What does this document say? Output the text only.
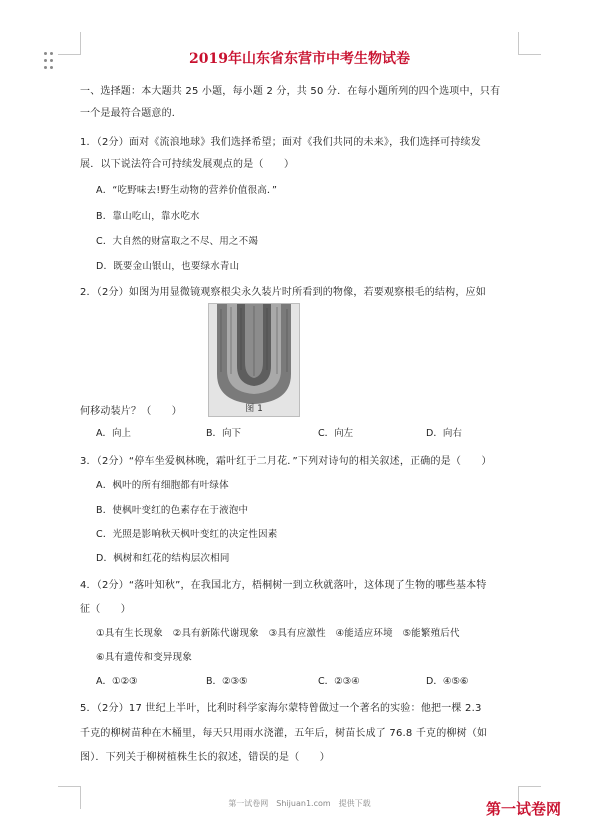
2019年山东省东营市中考生物试卷
一、选择题：本大题共 25 小题，每小题 2 分，共 50 分．在每小题所列的四个选项中，只有
一个是最符合题意的．
1．（2分）面对《流浪地球》我们选择希望；面对《我们共同的未来》，我们选择可持续发
展．以下说法符合可持续发展观点的是（　　）
A．“吃野味去!野生动物的营养价值很高．”
B．靠山吃山，靠水吃水
C．大自然的财富取之不尽、用之不竭
D．既要金山银山，也要绿水青山
2．（2分）如图为用显微镜观察根尖永久装片时所看到的物像，若要观察根毛的结构，应如
图 1
何移动装片？（　　）
A．向上	B．向下	C．向左	D．向右
3．（2分）“停车坐爱枫林晚，霜叶红于二月花．”下列对诗句的相关叙述，正确的是（　　）
A．枫叶的所有细胞都有叶绿体
B．使枫叶变红的色素存在于液泡中
C．光照是影响秋天枫叶变红的决定性因素
D．枫树和红花的结构层次相同
4．（2分）“落叶知秋”，在我国北方，梧桐树一到立秋就落叶，这体现了生物的哪些基本特
征（　　）
①具有生长现象　②具有新陈代谢现象　③具有应激性　④能适应环境　⑤能繁殖后代
⑥具有遗传和变异现象
A．①②③	B．②③⑤	C．②③④	D．④⑤⑥
5．（2分）17 世纪上半叶，比利时科学家海尔蒙特曾做过一个著名的实验：他把一棵 2.3
千克的柳树苗种在木桶里，每天只用雨水浇灌，五年后，树苗长成了 76.8 千克的柳树（如
图）．下列关于柳树植株生长的叙述，错误的是（　　）
第一试卷网　Shijuan1.com　提供下载	第一试卷网
